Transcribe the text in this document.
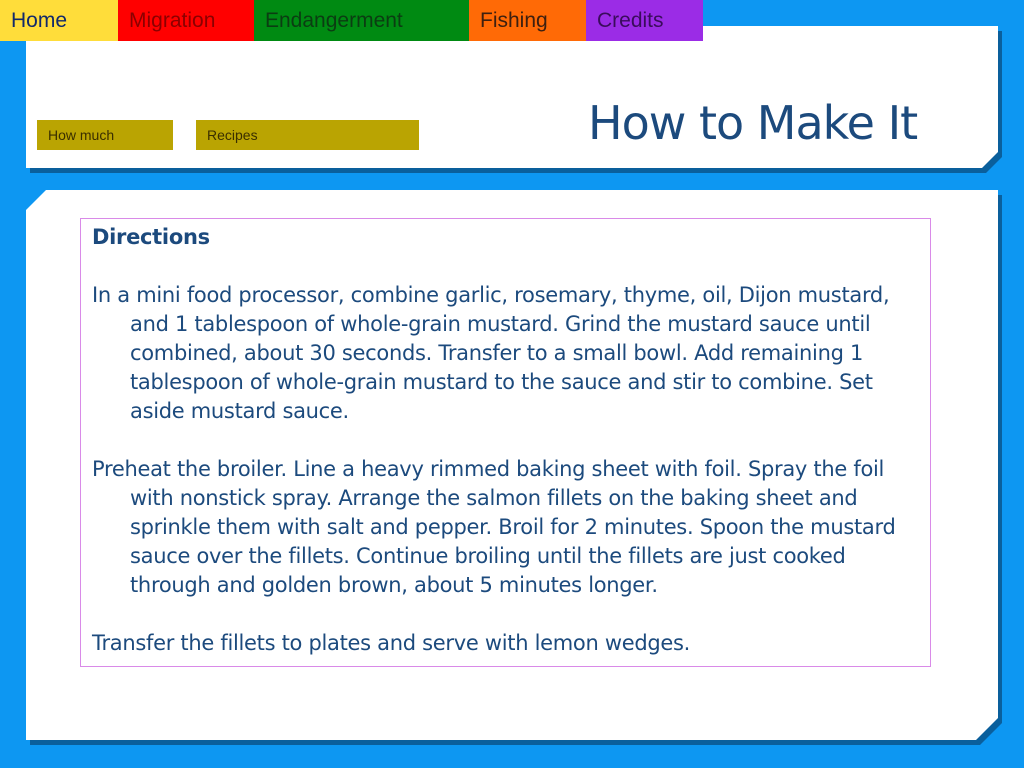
Home	Migration	Endangerment	Fishing	Credits
How much	Recipes	How to Make It
Directions
In a mini food processor, combine garlic, rosemary, thyme, oil, Dijon mustard, and 1 tablespoon of whole-grain mustard. Grind the mustard sauce until combined, about 30 seconds. Transfer to a small bowl. Add remaining 1 tablespoon of whole-grain mustard to the sauce and stir to combine. Set aside mustard sauce.
Preheat the broiler. Line a heavy rimmed baking sheet with foil. Spray the foil with nonstick spray. Arrange the salmon fillets on the baking sheet and sprinkle them with salt and pepper. Broil for 2 minutes. Spoon the mustard sauce over the fillets. Continue broiling until the fillets are just cooked through and golden brown, about 5 minutes longer.
Transfer the fillets to plates and serve with lemon wedges.
